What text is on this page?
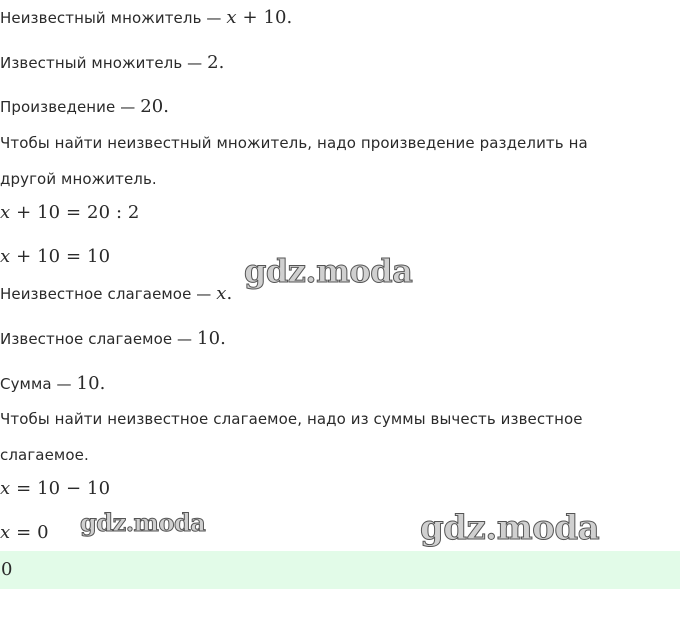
Неизвестный множитель — x + 10.
Известный множитель — 2.
Произведение — 20.
Чтобы найти неизвестный множитель, надо произведение разделить на
другой множитель.
x + 10 = 20 : 2
x + 10 = 10
Неизвестное слагаемое — x.
Известное слагаемое — 10.
Сумма — 10.
Чтобы найти неизвестное слагаемое, надо из суммы вычесть известное
слагаемое.
x = 10 − 10
x = 0
0
gdz.moda
gdz.moda	gdz.moda
